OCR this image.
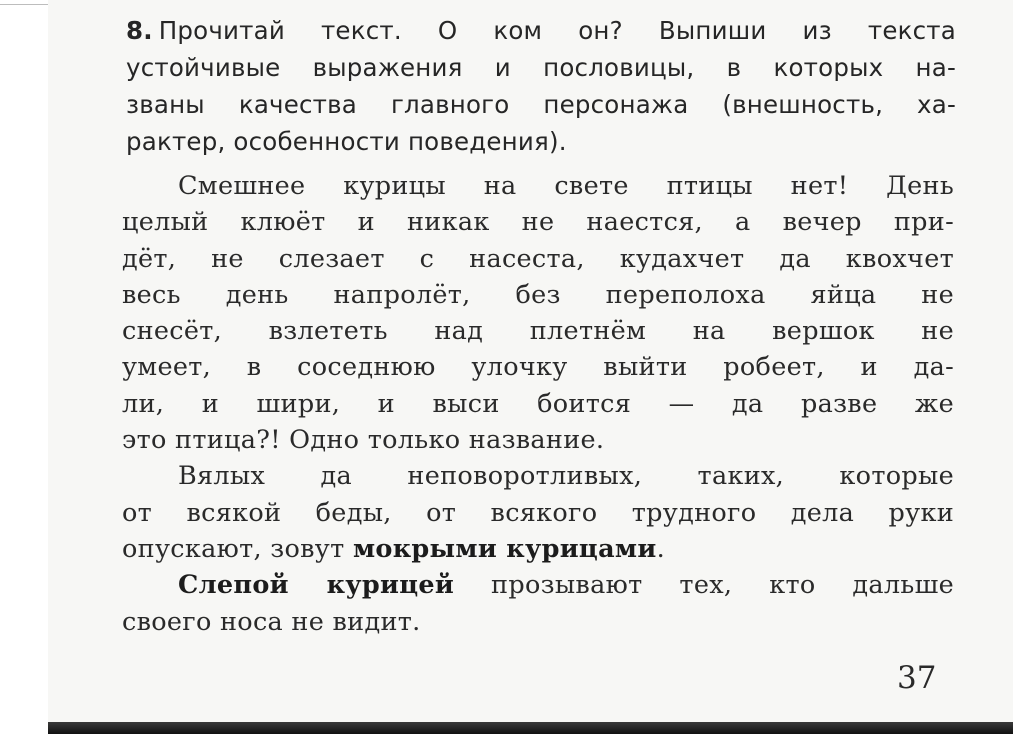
8. Прочитай текст. О ком он? Выпиши из текста
устойчивые выражения и пословицы, в которых на-
званы качества главного персонажа (внешность, ха-
рактер, особенности поведения).
Смешнее курицы на свете птицы нет! День
целый клюёт и никак не наестся, а вечер при-
дёт, не слезает с насеста, кудахчет да квохчет
весь день напролёт, без переполоха яйца не
снесёт, взлететь над плетнём на вершок не
умеет, в соседнюю улочку выйти робеет, и да-
ли, и шири, и выси боится — да разве же
это птица?! Одно только название.
Вялых да неповоротливых, таких, которые
от всякой беды, от всякого трудного дела руки
опускают, зовут мокрыми курицами.
Слепой курицей прозывают тех, кто дальше
своего носа не видит.
37
